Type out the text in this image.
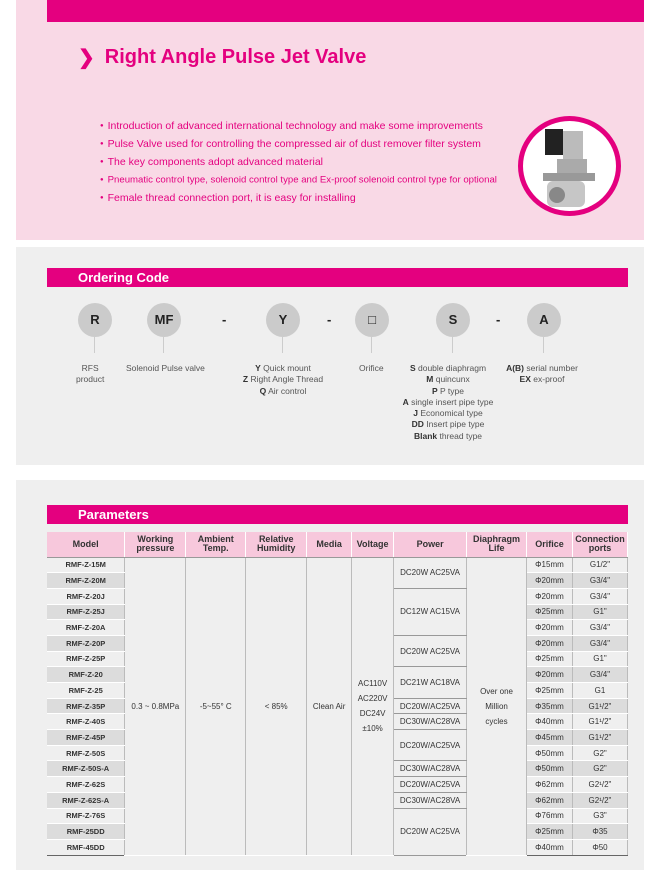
❯ Right Angle Pulse Jet Valve
● Introduction of advanced international technology and make some improvements
● Pulse Valve used for controlling the compressed air of dust remover filter system
● The key components adopt advanced material
● Pneumatic control type, solenoid control type and Ex-proof solenoid control type for optional
● Female thread connection port, it is easy for installing
Ordering Code
R	MF	-	Y	-	□	S	-	A
RFS
product
Solenoid Pulse valve	Y Quick mount
Z Right Angle Thread
Q Air control
Orifice	S double diaphragm
M quincunx
P P type
A single insert pipe type
J Economical type
DD Insert pipe type
Blank thread type
A(B) serial number
EX ex-proof
Parameters
Model	Working pressure	Ambient Temp.	Relative Humidity	Media	Voltage	Power	Diaphragm Life	Orifice	Connection ports
RMF-Z-15M	0.3 ~ 0.8MPa	-5~55° C	< 85%	Clean Air	AC110V AC220V DC24V ±10%	DC20W AC25VA	Over one Million cycles	Φ15mm	G1/2"
RMF-Z-20M								Φ20mm	G3/4"
RMF-Z-20J						DC12W AC15VA		Φ20mm	G3/4"
RMF-Z-25J								Φ25mm	G1"
RMF-Z-20A								Φ20mm	G3/4"
RMF-Z-20P						DC20W AC25VA		Φ20mm	G3/4"
RMF-Z-25P								Φ25mm	G1"
RMF-Z-20						DC21W AC18VA		Φ20mm	G3/4"
RMF-Z-25								Φ25mm	G1
RMF-Z-35P						DC20W/AC25VA		Φ35mm	G1¹/2"
RMF-Z-40S						DC30W/AC28VA		Φ40mm	G1¹/2"
RMF-Z-45P						DC20W/AC25VA		Φ45mm	G1¹/2"
RMF-Z-50S								Φ50mm	G2"
RMF-Z-50S-A						DC30W/AC28VA		Φ50mm	G2"
RMF-Z-62S						DC20W/AC25VA		Φ62mm	G2¹/2"
RMF-Z-62S-A						DC30W/AC28VA		Φ62mm	G2¹/2"
RMF-Z-76S						DC20W AC25VA		Φ76mm	G3"
RMF-25DD								Φ25mm	Φ35
RMF-45DD								Φ40mm	Φ50
